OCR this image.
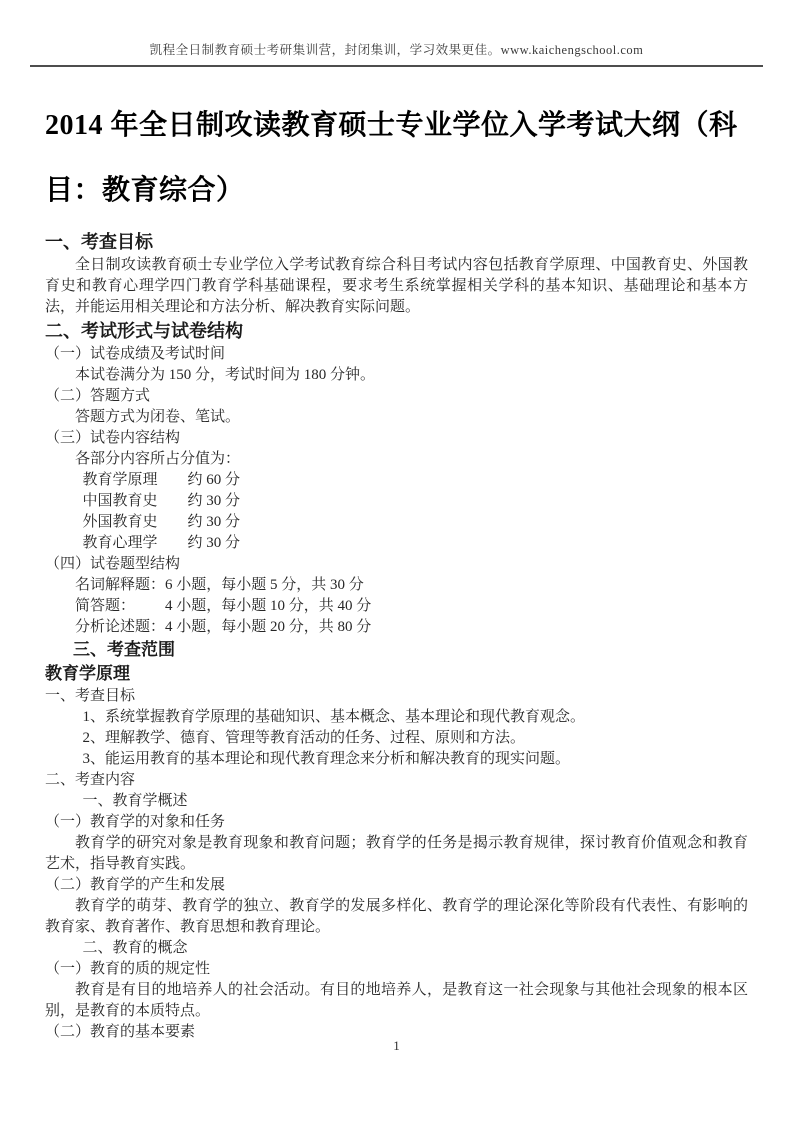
凯程全日制教育硕士考研集训营，封闭集训，学习效果更佳。www.kaichengschool.com
2014 年全日制攻读教育硕士专业学位入学考试大纲（科目：教育综合）
一、考查目标
全日制攻读教育硕士专业学位入学考试教育综合科目考试内容包括教育学原理、中国教育史、外国教育史和教育心理学四门教育学科基础课程，要求考生系统掌握相关学科的基本知识、基础理论和基本方法，并能运用相关理论和方法分析、解决教育实际问题。
二、考试形式与试卷结构
（一）试卷成绩及考试时间
本试卷满分为 150 分，考试时间为 180 分钟。
（二）答题方式
答题方式为闭卷、笔试。
（三）试卷内容结构
各部分内容所占分值为：
教育学原理 约 60 分
中国教育史 约 30 分
外国教育史 约 30 分
教育心理学 约 30 分
（四）试卷题型结构
名词解释题：6 小题，每小题 5 分，共 30 分
简答题： 4 小题，每小题 10 分，共 40 分
分析论述题：4 小题，每小题 20 分，共 80 分
三、考查范围
教育学原理
一、考查目标
1、系统掌握教育学原理的基础知识、基本概念、基本理论和现代教育观念。
2、理解教学、德育、管理等教育活动的任务、过程、原则和方法。
3、能运用教育的基本理论和现代教育理念来分析和解决教育的现实问题。
二、考查内容
一、教育学概述
（一）教育学的对象和任务
教育学的研究对象是教育现象和教育问题；教育学的任务是揭示教育规律，探讨教育价值观念和教育艺术，指导教育实践。
（二）教育学的产生和发展
教育学的萌芽、教育学的独立、教育学的发展多样化、教育学的理论深化等阶段有代表性、有影响的教育家、教育著作、教育思想和教育理论。
二、教育的概念
（一）教育的质的规定性
教育是有目的地培养人的社会活动。有目的地培养人，是教育这一社会现象与其他社会现象的根本区别，是教育的本质特点。
（二）教育的基本要素
1
